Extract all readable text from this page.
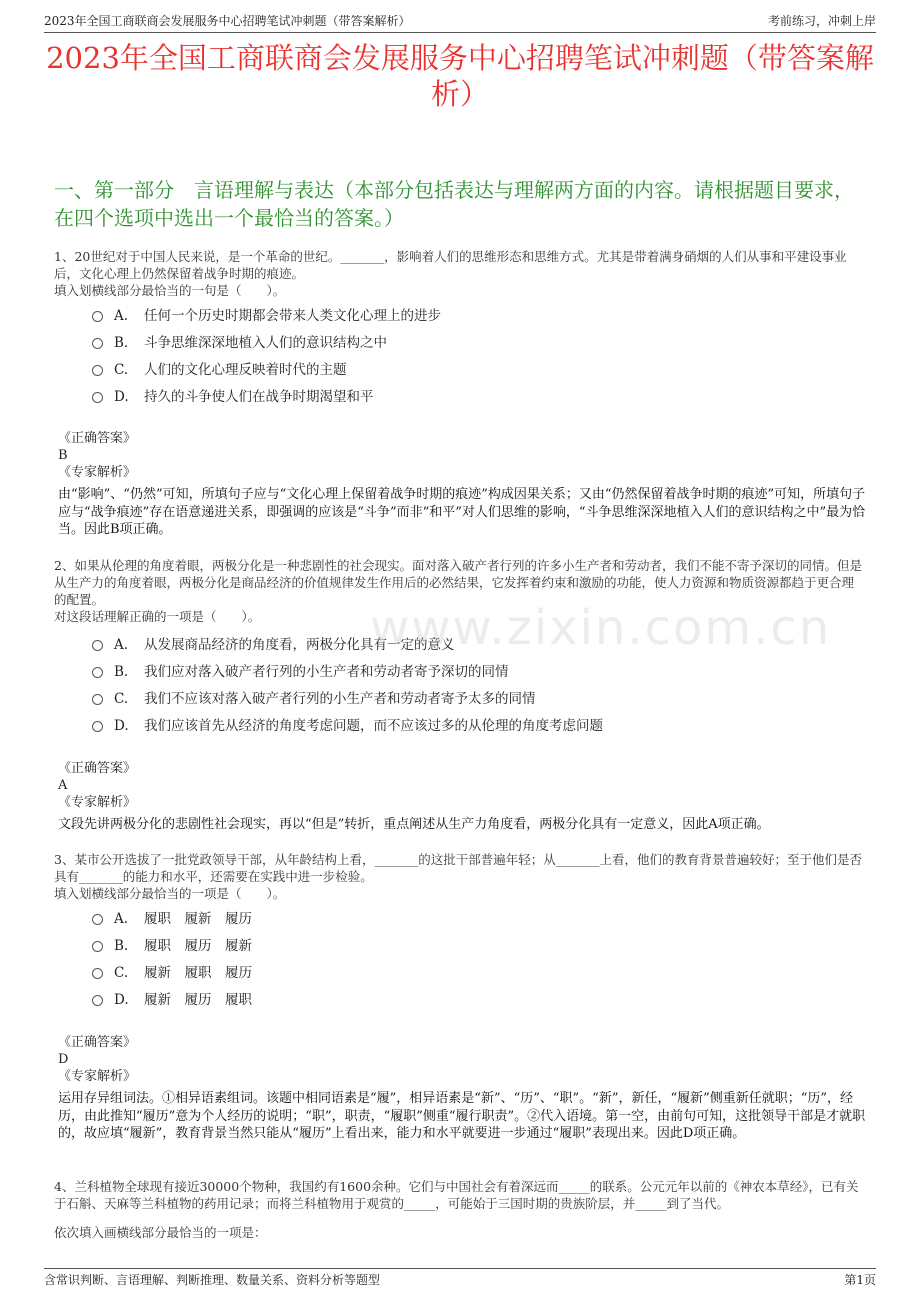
2023年全国工商联商会发展服务中心招聘笔试冲刺题（带答案解析）	考前练习，冲刺上岸
2023年全国工商联商会发展服务中心招聘笔试冲刺题（带答案解析）
一、第一部分　言语理解与表达（本部分包括表达与理解两方面的内容。请根据题目要求，在四个选项中选出一个最恰当的答案。）

1、20世纪对于中国人民来说，是一个革命的世纪。_______，影响着人们的思维形态和思维方式。尤其是带着满身硝烟的人们从事和平建设事业后，文化心理上仍然保留着战争时期的痕迹。

填入划横线部分最恰当的一句是（　　）。

A.	任何一个历史时期都会带来人类文化心理上的进步
B.	斗争思维深深地植入人们的意识结构之中
C.	人们的文化心理反映着时代的主题
D.	持久的斗争使人们在战争时期渴望和平
《正确答案》
B
《专家解析》

由“影响”、“仍然”可知，所填句子应与“文化心理上保留着战争时期的痕迹”构成因果关系；又由“仍然保留着战争时期的痕迹”可知，所填句子应与“战争痕迹”存在语意递进关系，即强调的应该是“斗争”而非“和平”对人们思维的影响，“斗争思维深深地植入人们的意识结构之中”最为恰当。因此B项正确。

2、如果从伦理的角度着眼，两极分化是一种悲剧性的社会现实。面对落入破产者行列的许多小生产者和劳动者，我们不能不寄予深切的同情。但是从生产力的角度着眼，两极分化是商品经济的价值规律发生作用后的必然结果，它发挥着约束和激励的功能，使人力资源和物质资源都趋于更合理的配置。

对这段话理解正确的一项是（　　）。

A.	从发展商品经济的角度看，两极分化具有一定的意义
B.	我们应对落入破产者行列的小生产者和劳动者寄予深切的同情
C.	我们不应该对落入破产者行列的小生产者和劳动者寄予太多的同情
D.	我们应该首先从经济的角度考虑问题，而不应该过多的从伦理的角度考虑问题
《正确答案》
A
《专家解析》

文段先讲两极分化的悲剧性社会现实，再以“但是”转折，重点阐述从生产力角度看，两极分化具有一定意义，因此A项正确。

3、某市公开选拔了一批党政领导干部，从年龄结构上看，_______的这批干部普遍年轻；从_______上看，他们的教育背景普遍较好；至于他们是否具有_______的能力和水平，还需要在实践中进一步检验。

填入划横线部分最恰当的一项是（　　）。

A.	履职　履新　履历
B.	履职　履历　履新
C.	履新　履职　履历
D.	履新　履历　履职
《正确答案》
D
《专家解析》

运用存异组词法。①相异语素组词。该题中相同语素是“履”，相异语素是“新”、“历”、“职”。“新”，新任，“履新”侧重新任就职；“历”，经历，由此推知“履历”意为个人经历的说明；“职”，职责，“履职”侧重“履行职责”。②代入语境。第一空，由前句可知，这批领导干部是才就职的，故应填“履新”，教育背景当然只能从“履历”上看出来，能力和水平就要进一步通过“履职”表现出来。因此D项正确。

4、兰科植物全球现有接近30000个物种，我国约有1600余种。它们与中国社会有着深远而_____的联系。公元元年以前的《神农本草经》，已有关于石斛、天麻等兰科植物的药用记录；而将兰科植物用于观赏的_____，可能始于三国时期的贵族阶层，并_____到了当代。

依次填入画横线部分最恰当的一项是：

www.zixin.com.cn
含常识判断、言语理解、判断推理、数量关系、资料分析等题型	第1页
